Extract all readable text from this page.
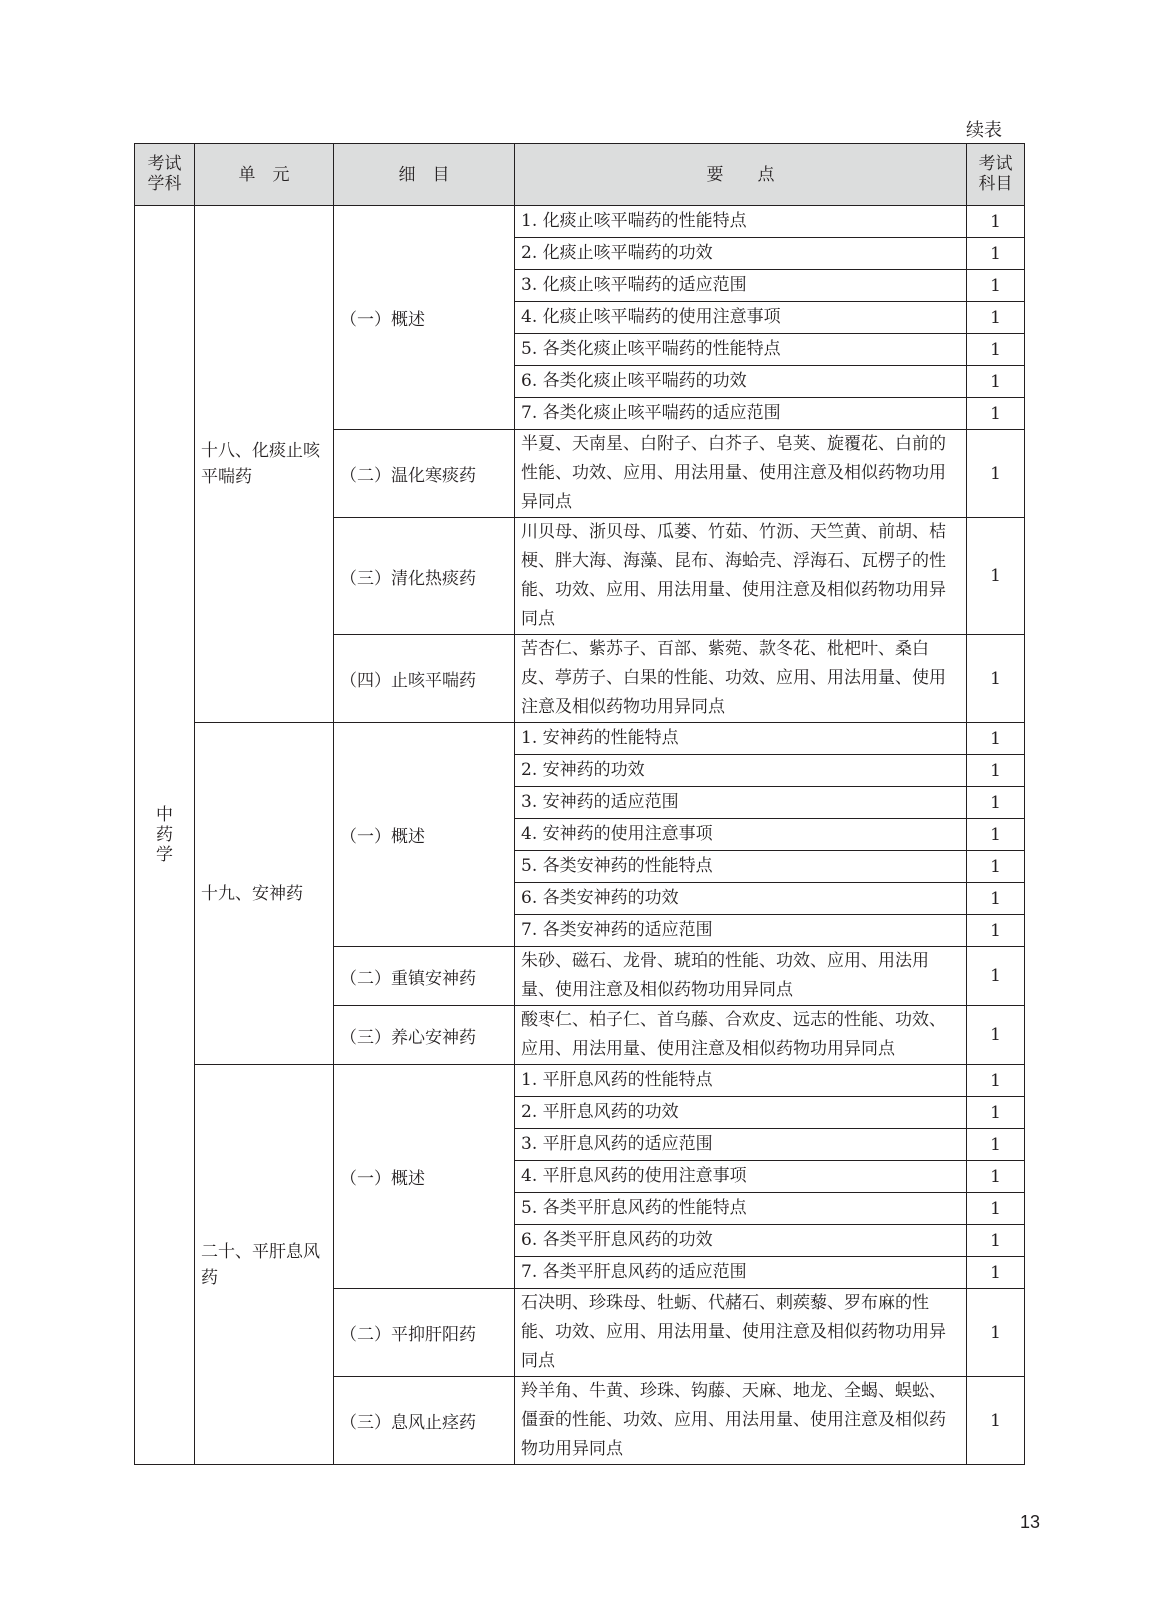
续表
考试学科	单　元	细　目	要　　点	考试科目
中药学	十八、化痰止咳平喘药	（一）概述	1. 化痰止咳平喘药的性能特点	1
			2. 化痰止咳平喘药的功效	1
			3. 化痰止咳平喘药的适应范围	1
			4. 化痰止咳平喘药的使用注意事项	1
			5. 各类化痰止咳平喘药的性能特点	1
			6. 各类化痰止咳平喘药的功效	1
			7. 各类化痰止咳平喘药的适应范围	1
		（二）温化寒痰药	半夏、天南星、白附子、白芥子、皂荚、旋覆花、白前的性能、功效、应用、用法用量、使用注意及相似药物功用异同点	1
		（三）清化热痰药	川贝母、浙贝母、瓜蒌、竹茹、竹沥、天竺黄、前胡、桔梗、胖大海、海藻、昆布、海蛤壳、浮海石、瓦楞子的性能、功效、应用、用法用量、使用注意及相似药物功用异同点	1
		（四）止咳平喘药	苦杏仁、紫苏子、百部、紫菀、款冬花、枇杷叶、桑白皮、葶苈子、白果的性能、功效、应用、用法用量、使用注意及相似药物功用异同点	1
	十九、安神药	（一）概述	1. 安神药的性能特点	1
			2. 安神药的功效	1
			3. 安神药的适应范围	1
			4. 安神药的使用注意事项	1
			5. 各类安神药的性能特点	1
			6. 各类安神药的功效	1
			7. 各类安神药的适应范围	1
		（二）重镇安神药	朱砂、磁石、龙骨、琥珀的性能、功效、应用、用法用量、使用注意及相似药物功用异同点	1
		（三）养心安神药	酸枣仁、柏子仁、首乌藤、合欢皮、远志的性能、功效、应用、用法用量、使用注意及相似药物功用异同点	1
	二十、平肝息风药	（一）概述	1. 平肝息风药的性能特点	1
			2. 平肝息风药的功效	1
			3. 平肝息风药的适应范围	1
			4. 平肝息风药的使用注意事项	1
			5. 各类平肝息风药的性能特点	1
			6. 各类平肝息风药的功效	1
			7. 各类平肝息风药的适应范围	1
		（二）平抑肝阳药	石决明、珍珠母、牡蛎、代赭石、刺蒺藜、罗布麻的性能、功效、应用、用法用量、使用注意及相似药物功用异同点	1
		（三）息风止痉药	羚羊角、牛黄、珍珠、钩藤、天麻、地龙、全蝎、蜈蚣、僵蚕的性能、功效、应用、用法用量、使用注意及相似药物功用异同点	1
13
